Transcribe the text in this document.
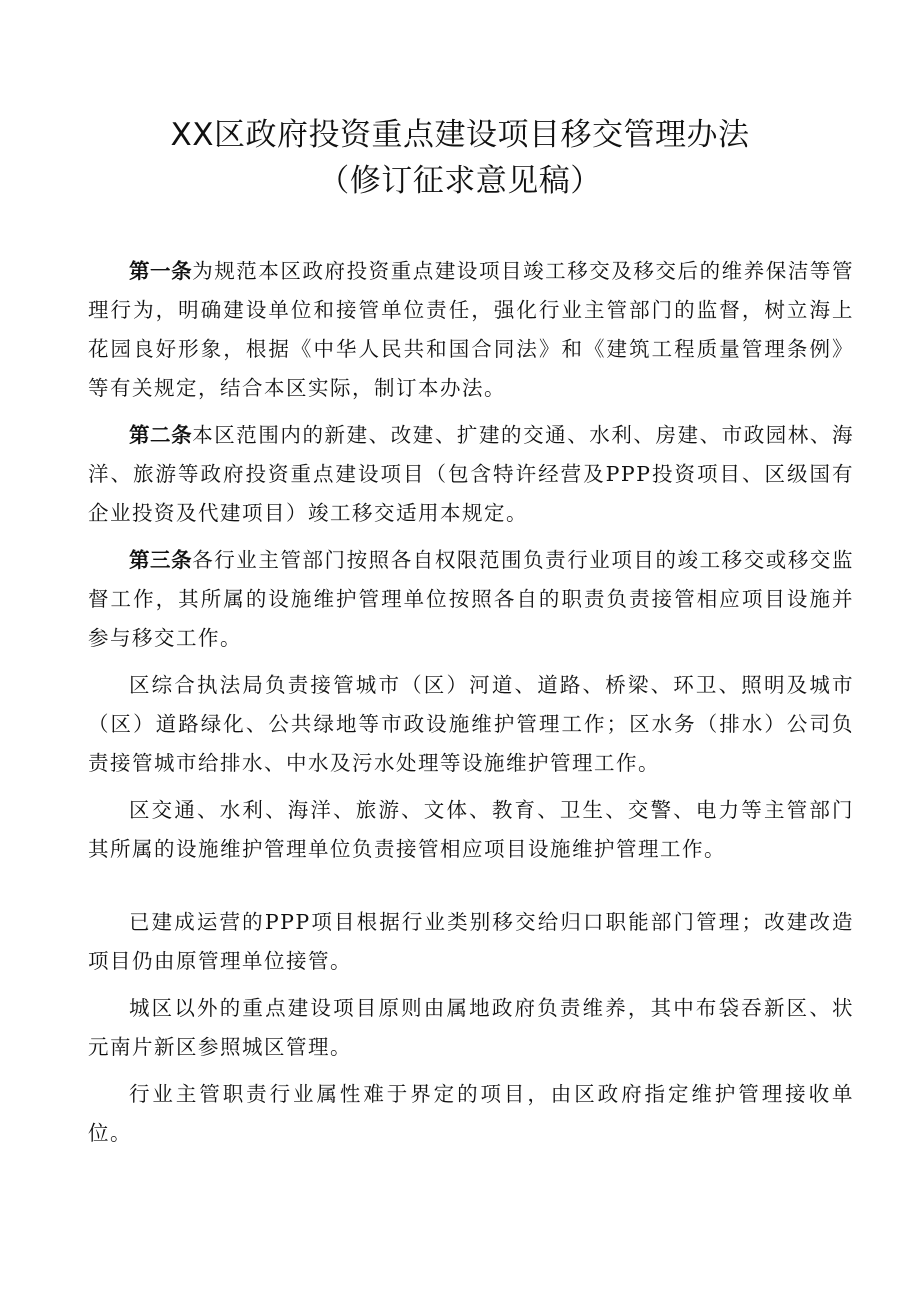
XX区政府投资重点建设项目移交管理办法
（修订征求意见稿）

第一条为规范本区政府投资重点建设项目竣工移交及移交后的维养保洁等管理行为，明确建设单位和接管单位责任，强化行业主管部门的监督，树立海上花园良好形象，根据《中华人民共和国合同法》和《建筑工程质量管理条例》等有关规定，结合本区实际，制订本办法。

第二条本区范围内的新建、改建、扩建的交通、水利、房建、市政园林、海洋、旅游等政府投资重点建设项目（包含特许经营及PPP投资项目、区级国有企业投资及代建项目）竣工移交适用本规定。

第三条各行业主管部门按照各自权限范围负责行业项目的竣工移交或移交监督工作，其所属的设施维护管理单位按照各自的职责负责接管相应项目设施并参与移交工作。

区综合执法局负责接管城市（区）河道、道路、桥梁、环卫、照明及城市（区）道路绿化、公共绿地等市政设施维护管理工作；区水务（排水）公司负责接管城市给排水、中水及污水处理等设施维护管理工作。

区交通、水利、海洋、旅游、文体、教育、卫生、交警、电力等主管部门其所属的设施维护管理单位负责接管相应项目设施维护管理工作。

已建成运营的PPP项目根据行业类别移交给归口职能部门管理；改建改造项目仍由原管理单位接管。

城区以外的重点建设项目原则由属地政府负责维养，其中布袋吞新区、状元南片新区参照城区管理。

行业主管职责行业属性难于界定的项目，由区政府指定维护管理接收单位。
